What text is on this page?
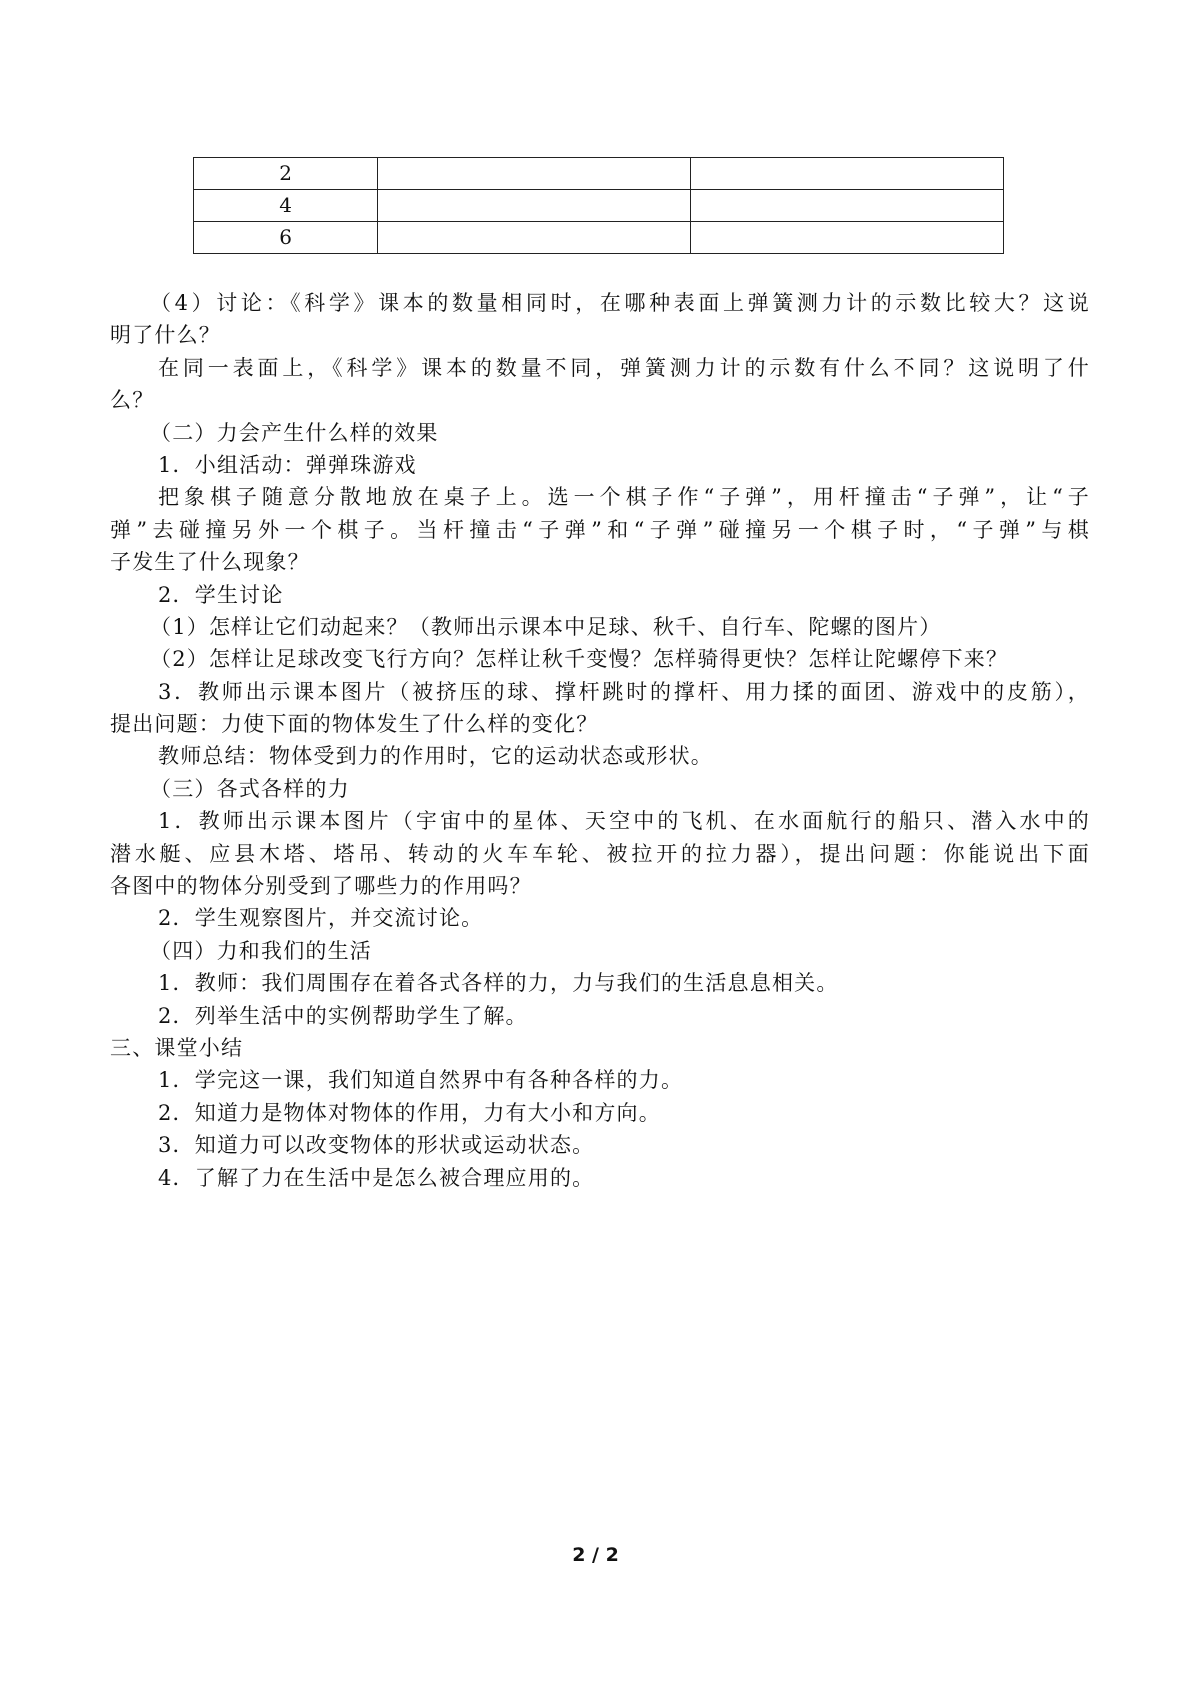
2		
4		
6		
（4）讨论：《科学》课本的数量相同时，在哪种表面上弹簧测力计的示数比较大？这说
明了什么？
在同一表面上，《科学》课本的数量不同，弹簧测力计的示数有什么不同？这说明了什
么？
（二）力会产生什么样的效果
1．小组活动：弹弹珠游戏
把象棋子随意分散地放在桌子上。选一个棋子作“子弹”，用杆撞击“子弹”，让“子
弹”去碰撞另外一个棋子。当杆撞击“子弹”和“子弹”碰撞另一个棋子时，“子弹”与棋
子发生了什么现象？
2．学生讨论
（1）怎样让它们动起来？（教师出示课本中足球、秋千、自行车、陀螺的图片）
（2）怎样让足球改变飞行方向？怎样让秋千变慢？怎样骑得更快？怎样让陀螺停下来？
3．教师出示课本图片（被挤压的球、撑杆跳时的撑杆、用力揉的面团、游戏中的皮筋），
提出问题：力使下面的物体发生了什么样的变化？
教师总结：物体受到力的作用时，它的运动状态或形状。
（三）各式各样的力
1．教师出示课本图片（宇宙中的星体、天空中的飞机、在水面航行的船只、潜入水中的
潜水艇、应县木塔、塔吊、转动的火车车轮、被拉开的拉力器），提出问题：你能说出下面
各图中的物体分别受到了哪些力的作用吗？
2．学生观察图片，并交流讨论。
（四）力和我们的生活
1．教师：我们周围存在着各式各样的力，力与我们的生活息息相关。
2．列举生活中的实例帮助学生了解。
三、课堂小结
1．学完这一课，我们知道自然界中有各种各样的力。
2．知道力是物体对物体的作用，力有大小和方向。
3．知道力可以改变物体的形状或运动状态。
4．了解了力在生活中是怎么被合理应用的。
2 / 2
